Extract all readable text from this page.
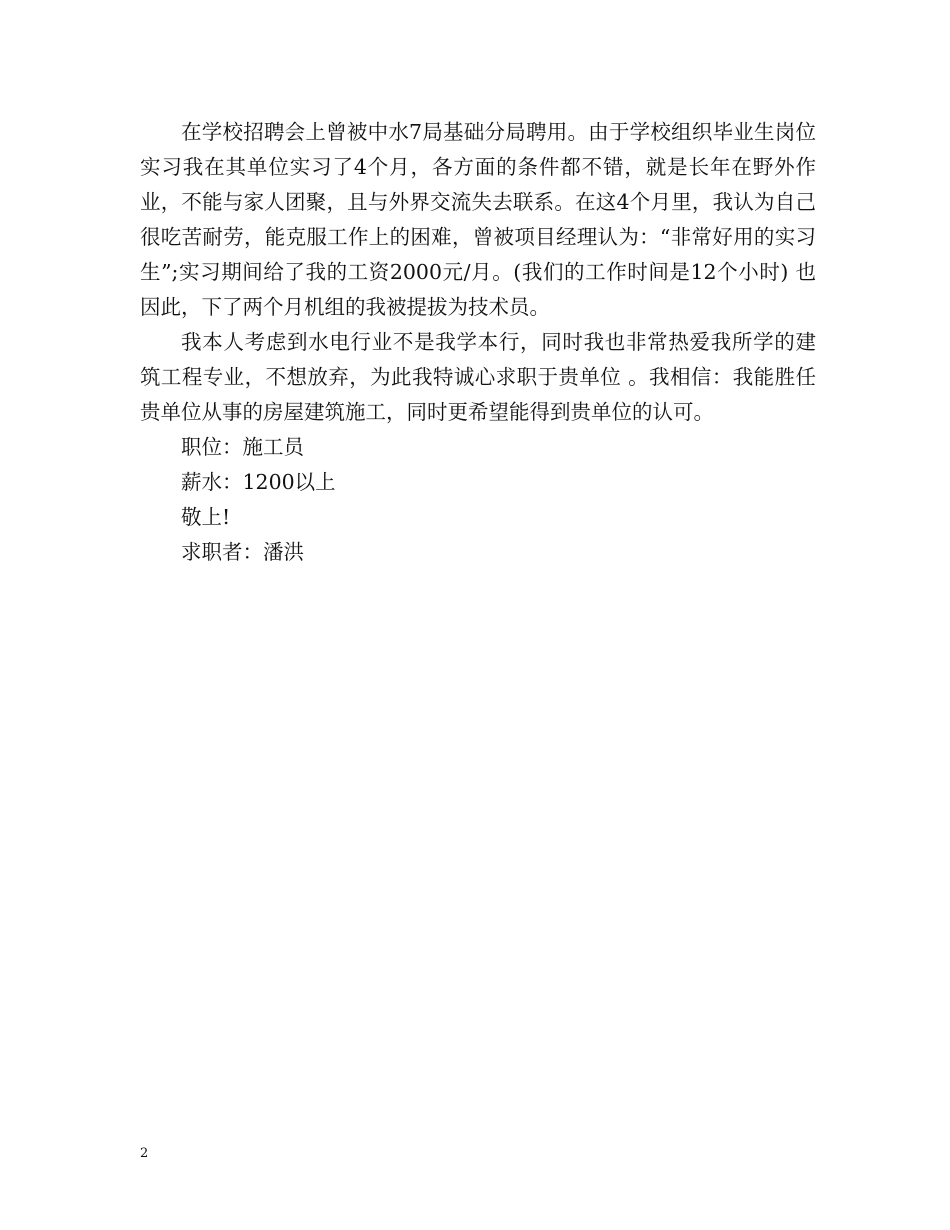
在学校招聘会上曾被中水7局基础分局聘用。由于学校组织毕业生岗位实习我在其单位实习了4个月，各方面的条件都不错，就是长年在野外作业，不能与家人团聚，且与外界交流失去联系。在这4个月里，我认为自己很吃苦耐劳，能克服工作上的困难，曾被项目经理认为：“非常好用的实习生”;实习期间给了我的工资2000元/月。(我们的工作时间是12个小时) 也因此，下了两个月机组的我被提拔为技术员。

我本人考虑到水电行业不是我学本行，同时我也非常热爱我所学的建筑工程专业，不想放弃，为此我特诚心求职于贵单位 。我相信：我能胜任贵单位从事的房屋建筑施工，同时更希望能得到贵单位的认可。

职位：施工员

薪水：1200以上

敬上!

求职者：潘洪

2
